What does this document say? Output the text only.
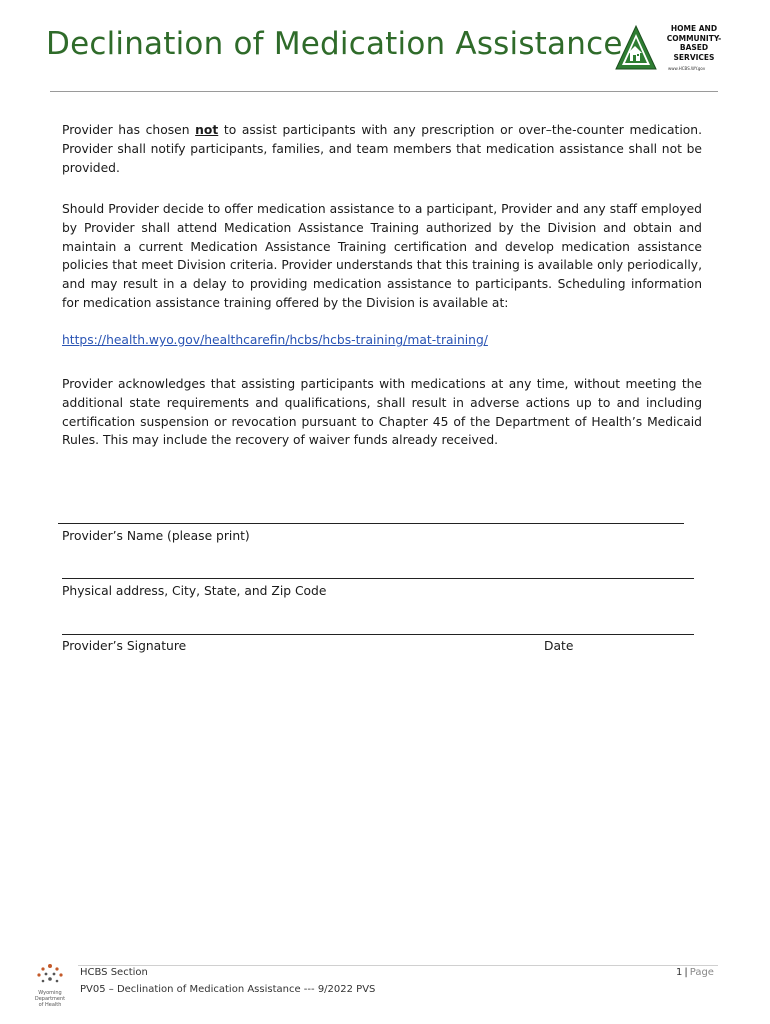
Declination of Medication Assistance	HOME AND
COMMUNITY-
BASED
SERVICES
www.HCBS.WY.gov

Provider has chosen not to assist participants with any prescription or over–the-counter medication. Provider shall notify participants, families, and team members that medication assistance shall not be provided.

Should Provider decide to offer medication assistance to a participant, Provider and any staff employed by Provider shall attend Medication Assistance Training authorized by the Division and obtain and maintain a current Medication Assistance Training certification and develop medication assistance policies that meet Division criteria. Provider understands that this training is available only periodically, and may result in a delay to providing medication assistance to participants. Scheduling information for medication assistance training offered by the Division is available at:

https://health.wyo.gov/healthcarefin/hcbs/hcbs-training/mat-training/

Provider acknowledges that assisting participants with medications at any time, without meeting the additional state requirements and qualifications, shall result in adverse actions up to and including certification suspension or revocation pursuant to Chapter 45 of the Department of Health’s Medicaid Rules. This may include the recovery of waiver funds already received.

Provider’s Name (please print)
Physical address, City, State, and Zip Code
Provider’s Signature	Date
Wyoming
Department
of Health
HCBS Section
PV05 – Declination of Medication Assistance --- 9/2022 PVS
1 | Page
